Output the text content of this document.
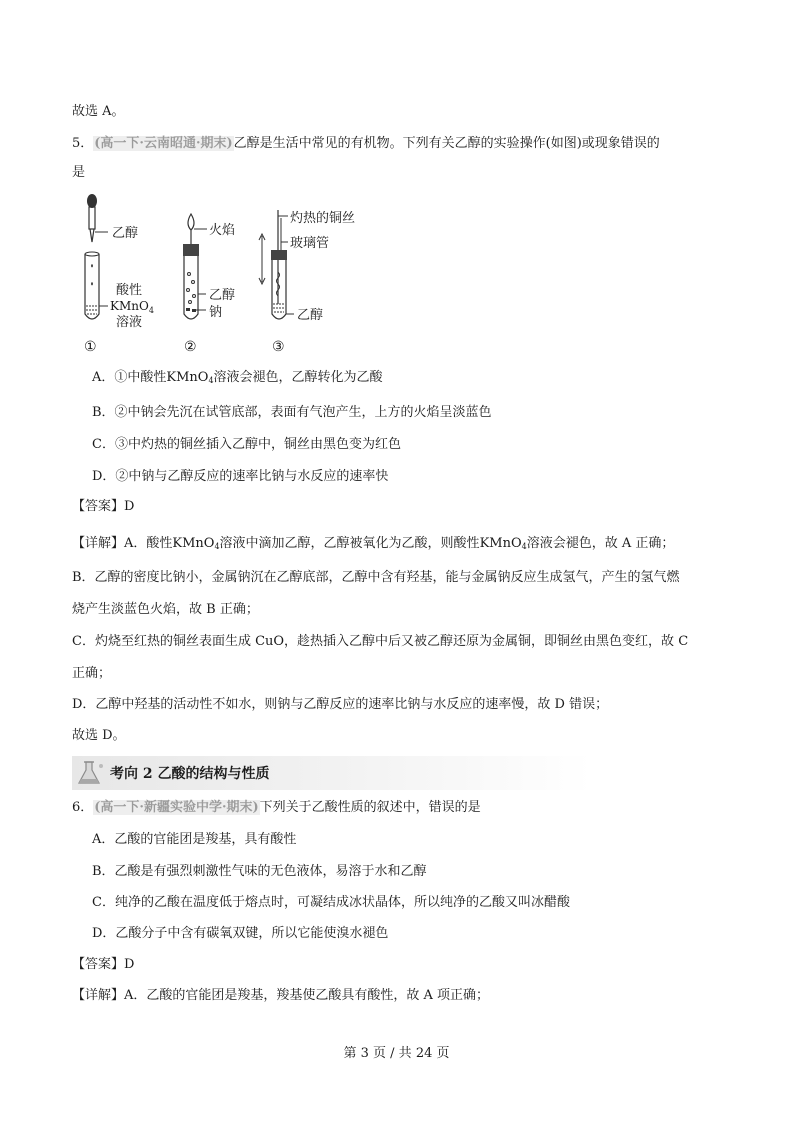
故选 A。
5．(高一下·云南昭通·期末)乙醇是生活中常见的有机物。下列有关乙醇的实验操作(如图)或现象错误的
是
乙醇
酸性
KMnO$_4$
溶液
①
火焰
乙醇
钠
②
灼热的铜丝
玻璃管
乙醇
③
A．①中酸性KMnO$_4$溶液会褪色，乙醇转化为乙酸
B．②中钠会先沉在试管底部，表面有气泡产生，上方的火焰呈淡蓝色
C．③中灼热的铜丝插入乙醇中，铜丝由黑色变为红色
D．②中钠与乙醇反应的速率比钠与水反应的速率快
【答案】D
【详解】A．酸性KMnO$_4$溶液中滴加乙醇，乙醇被氧化为乙酸，则酸性KMnO$_4$溶液会褪色，故 A 正确；
B．乙醇的密度比钠小，金属钠沉在乙醇底部，乙醇中含有羟基，能与金属钠反应生成氢气，产生的氢气燃
烧产生淡蓝色火焰，故 B 正确；
C．灼烧至红热的铜丝表面生成 CuO，趁热插入乙醇中后又被乙醇还原为金属铜，即铜丝由黑色变红，故 C
正确；
D．乙醇中羟基的活动性不如水，则钠与乙醇反应的速率比钠与水反应的速率慢，故 D 错误；
故选 D。
考向 2 乙酸的结构与性质
6．(高一下·新疆实验中学·期末)下列关于乙酸性质的叙述中，错误的是
A．乙酸的官能团是羧基，具有酸性
B．乙酸是有强烈刺激性气味的无色液体，易溶于水和乙醇
C．纯净的乙酸在温度低于熔点时，可凝结成冰状晶体，所以纯净的乙酸又叫冰醋酸
D．乙酸分子中含有碳氧双键，所以它能使溴水褪色
【答案】D
【详解】A．乙酸的官能团是羧基，羧基使乙酸具有酸性，故 A 项正确；
第 3 页 / 共 24 页
